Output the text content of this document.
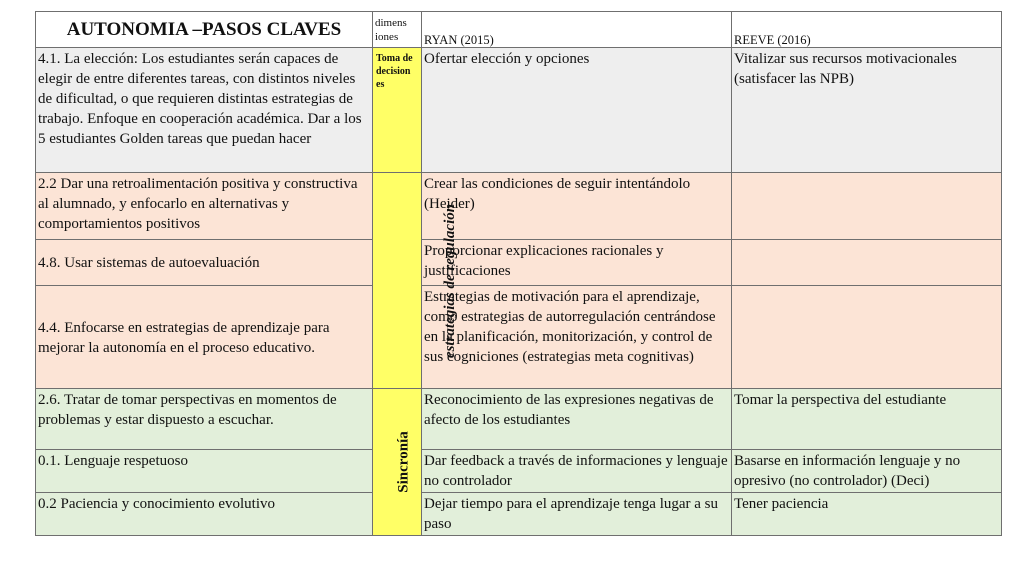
AUTONOMIA –PASOS CLAVES	dimens iones	RYAN (2015)	REEVE (2016)
4.1. La elección: Los estudiantes serán capaces de elegir de entre diferentes tareas, con distintos niveles de dificultad, o que requieren distintas estrategias de trabajo. Enfoque en cooperación académica. Dar a los 5 estudiantes Golden tareas que puedan hacer	Toma de decision es	Ofertar elección y opciones	Vitalizar sus recursos motivacionales (satisfacer las NPB)
2.2 Dar una retroalimentación positiva y constructiva al alumnado, y enfocarlo en alternativas y comportamientos positivos	estrategias de regulación	Crear las condiciones de seguir intentándolo (Heider)	
4.8. Usar sistemas de autoevaluación		Proporcionar explicaciones racionales y justificaciones	
4.4. Enfocarse en estrategias de aprendizaje para mejorar la autonomía en el proceso educativo.		Estrategias de motivación para el aprendizaje, como estrategias de autorregulación centrándose en la planificación, monitorización, y control de sus cogniciones (estrategias meta cognitivas)	
2.6. Tratar de tomar perspectivas en momentos de problemas y estar dispuesto a escuchar.	Sincronía	Reconocimiento de las expresiones negativas de afecto de los estudiantes	Tomar la perspectiva del estudiante
0.1. Lenguaje respetuoso		Dar feedback a través de informaciones y lenguaje no controlador	Basarse en información lenguaje y no opresivo (no controlador) (Deci)
0.2 Paciencia y conocimiento evolutivo		Dejar tiempo para el aprendizaje tenga lugar a su paso	Tener paciencia
